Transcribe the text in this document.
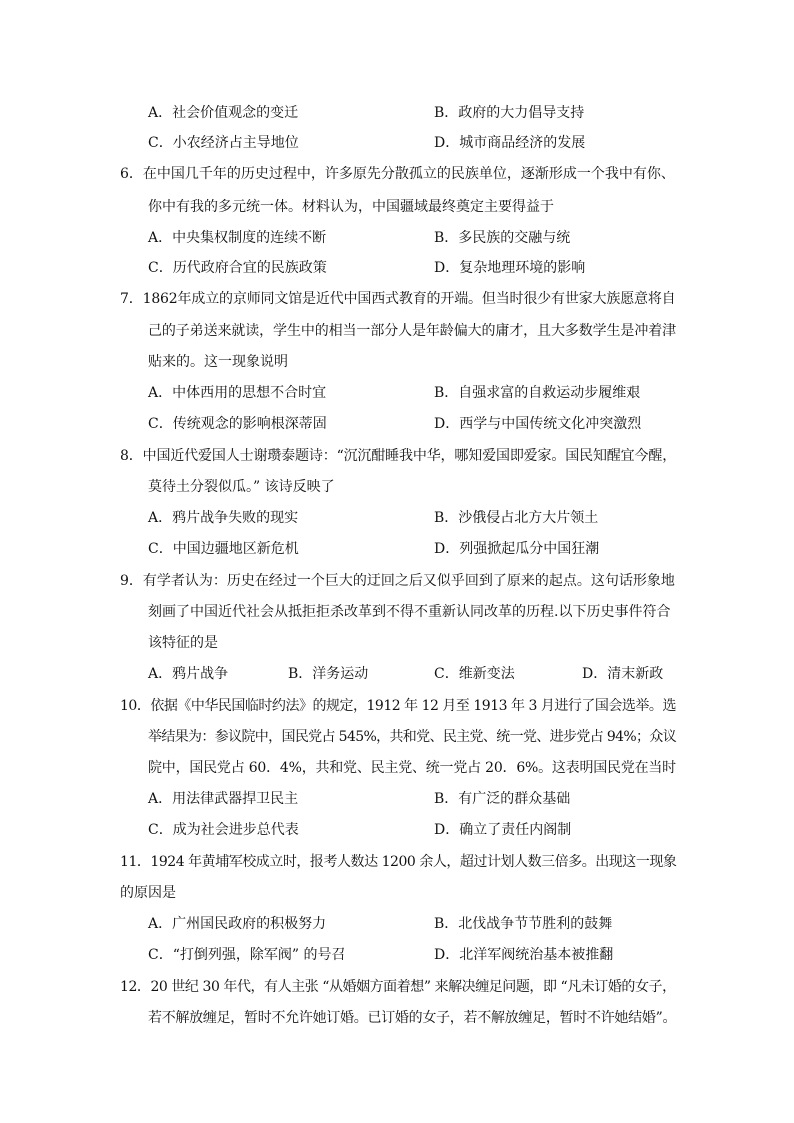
A．社会价值观念的变迁	B．政府的大力倡导支持
C．小农经济占主导地位	D．城市商品经济的发展
6．在中国几千年的历史过程中，许多原先分散孤立的民族单位，逐渐形成一个我中有你、
你中有我的多元统一体。材料认为，中国疆域最终奠定主要得益于
A．中央集权制度的连续不断	B．多民族的交融与统
C．历代政府合宜的民族政策	D．复杂地理环境的影响
7．1862年成立的京师同文馆是近代中国西式教育的开端。但当时很少有世家大族愿意将自
己的子弟送来就读，学生中的相当一部分人是年龄偏大的庸才，且大多数学生是冲着津
贴来的。这一现象说明
A．中体西用的思想不合时宜	B．自强求富的自救运动步履维艰
C．传统观念的影响根深蒂固	D．西学与中国传统文化冲突激烈
8．中国近代爱国人士谢瓒泰题诗：“沉沉酣睡我中华，哪知爱国即爱家。国民知醒宜今醒，
莫待土分裂似瓜。” 该诗反映了
A．鸦片战争失败的现实	B．沙俄侵占北方大片领土
C．中国边疆地区新危机	D．列强掀起瓜分中国狂潮
9．有学者认为：历史在经过一个巨大的迂回之后又似乎回到了原来的起点。这句话形象地
刻画了中国近代社会从抵拒拒杀改革到不得不重新认同改革的历程.以下历史事件符合
该特征的是
A．鸦片战争	B．洋务运动	C．维新变法	D．清末新政
10．依据《中华民国临时约法》的规定，1912 年 12 月至 1913 年 3 月进行了国会选举。选
举结果为：参议院中，国民党占 545%，共和党、民主党、统一党、进步党占 94%；众议
院中，国民党占 60．4%，共和党、民主党、统一党占 20．6%。这表明国民党在当时
A．用法律武器捍卫民主	B．有广泛的群众基础
C．成为社会进步总代表	D．确立了责任内阁制
11．1924 年黄埔军校成立时，报考人数达 1200 余人，超过计划人数三倍多。出现这一现象
的原因是
A．广州国民政府的积极努力	B．北伐战争节节胜利的鼓舞
C．“打倒列强，除军阀” 的号召	D．北洋军阀统治基本被推翻
12．20 世纪 30 年代，有人主张 “从婚姻方面着想” 来解决缠足问题，即 “凡未订婚的女子，
若不解放缠足，暂时不允许她订婚。已订婚的女子，若不解放缠足，暂时不许她结婚”。
